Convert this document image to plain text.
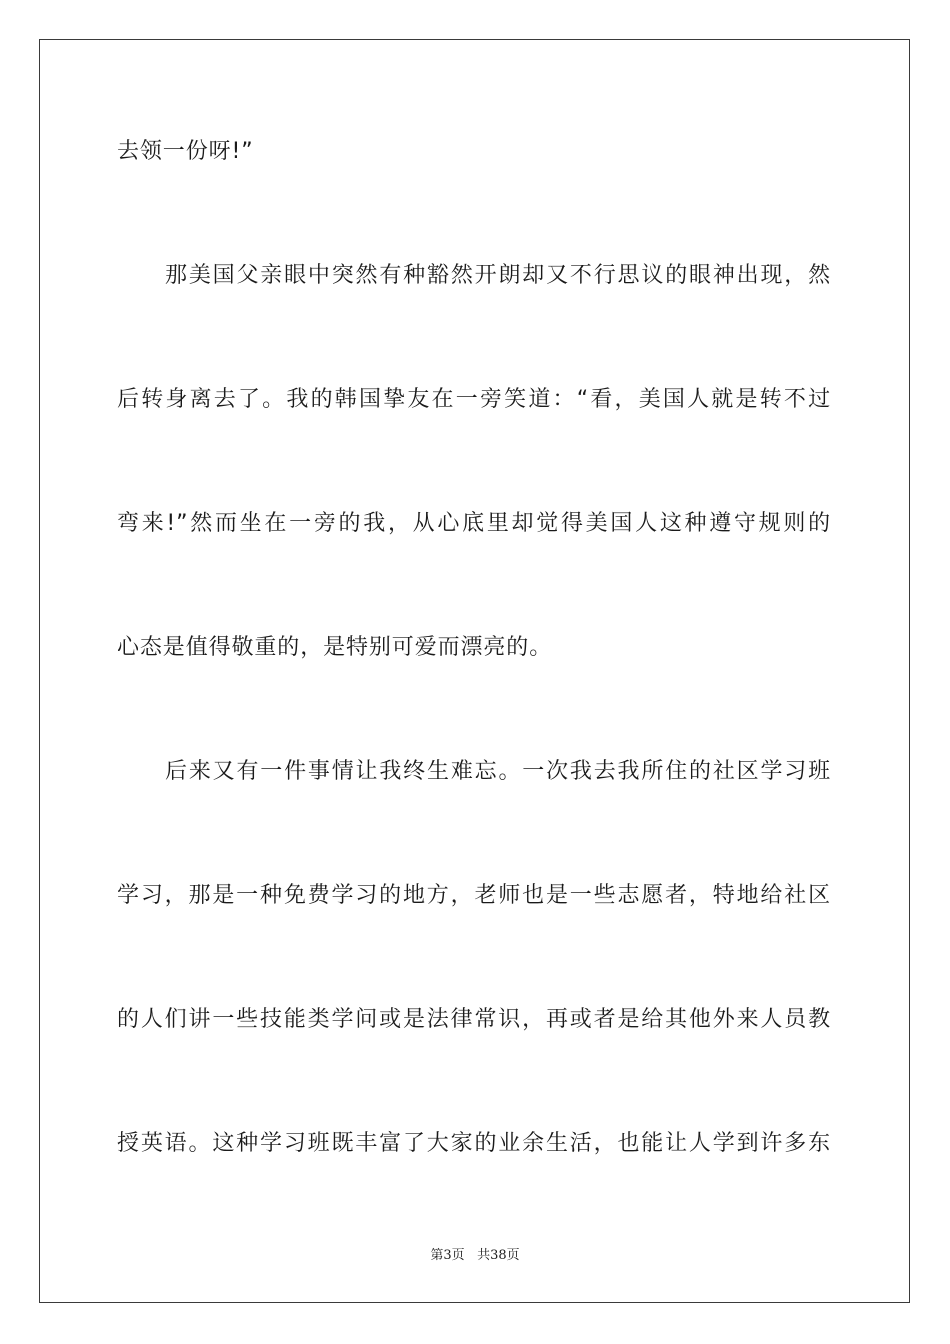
去领一份呀!”
那美国父亲眼中突然有种豁然开朗却又不行思议的眼神出现，然
后转身离去了。我的韩国挚友在一旁笑道：“看，美国人就是转不过
弯来!”然而坐在一旁的我，从心底里却觉得美国人这种遵守规则的
心态是值得敬重的，是特别可爱而漂亮的。
后来又有一件事情让我终生难忘。一次我去我所住的社区学习班
学习，那是一种免费学习的地方，老师也是一些志愿者，特地给社区
的人们讲一些技能类学问或是法律常识，再或者是给其他外来人员教
授英语。这种学习班既丰富了大家的业余生活，也能让人学到许多东
第3页 共38页
